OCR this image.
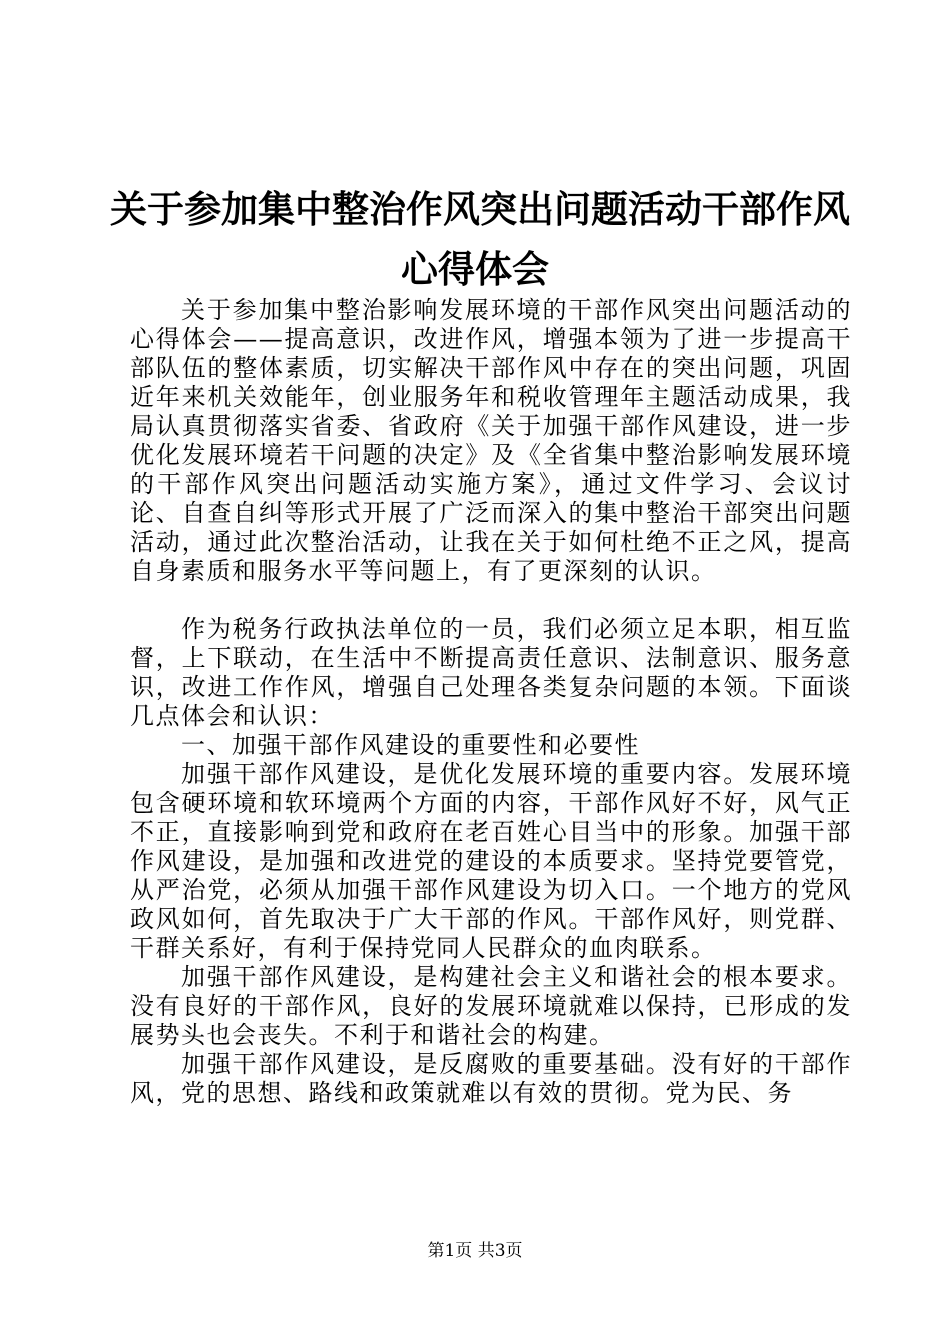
关于参加集中整治作风突出问题活动干部作风
心得体会

关于参加集中整治影响发展环境的干部作风突出问题活动的心得体会——提高意识，改进作风，增强本领为了进一步提高干部队伍的整体素质，切实解决干部作风中存在的突出问题，巩固近年来机关效能年，创业服务年和税收管理年主题活动成果，我局认真贯彻落实省委、省政府《关于加强干部作风建设，进一步优化发展环境若干问题的决定》及《全省集中整治影响发展环境的干部作风突出问题活动实施方案》，通过文件学习、会议讨论、自查自纠等形式开展了广泛而深入的集中整治干部突出问题活动，通过此次整治活动，让我在关于如何杜绝不正之风，提高自身素质和服务水平等问题上，有了更深刻的认识。

作为税务行政执法单位的一员，我们必须立足本职，相互监督，上下联动，在生活中不断提高责任意识、法制意识、服务意识，改进工作作风，增强自己处理各类复杂问题的本领。下面谈几点体会和认识：

一、加强干部作风建设的重要性和必要性

加强干部作风建设，是优化发展环境的重要内容。发展环境包含硬环境和软环境两个方面的内容，干部作风好不好，风气正不正，直接影响到党和政府在老百姓心目当中的形象。加强干部作风建设，是加强和改进党的建设的本质要求。坚持党要管党，从严治党，必须从加强干部作风建设为切入口。一个地方的党风政风如何，首先取决于广大干部的作风。干部作风好，则党群、干群关系好，有利于保持党同人民群众的血肉联系。

加强干部作风建设，是构建社会主义和谐社会的根本要求。没有良好的干部作风，良好的发展环境就难以保持，已形成的发展势头也会丧失。不利于和谐社会的构建。

加强干部作风建设，是反腐败的重要基础。没有好的干部作风，党的思想、路线和政策就难以有效的贯彻。党为民、务

第1页 共3页
